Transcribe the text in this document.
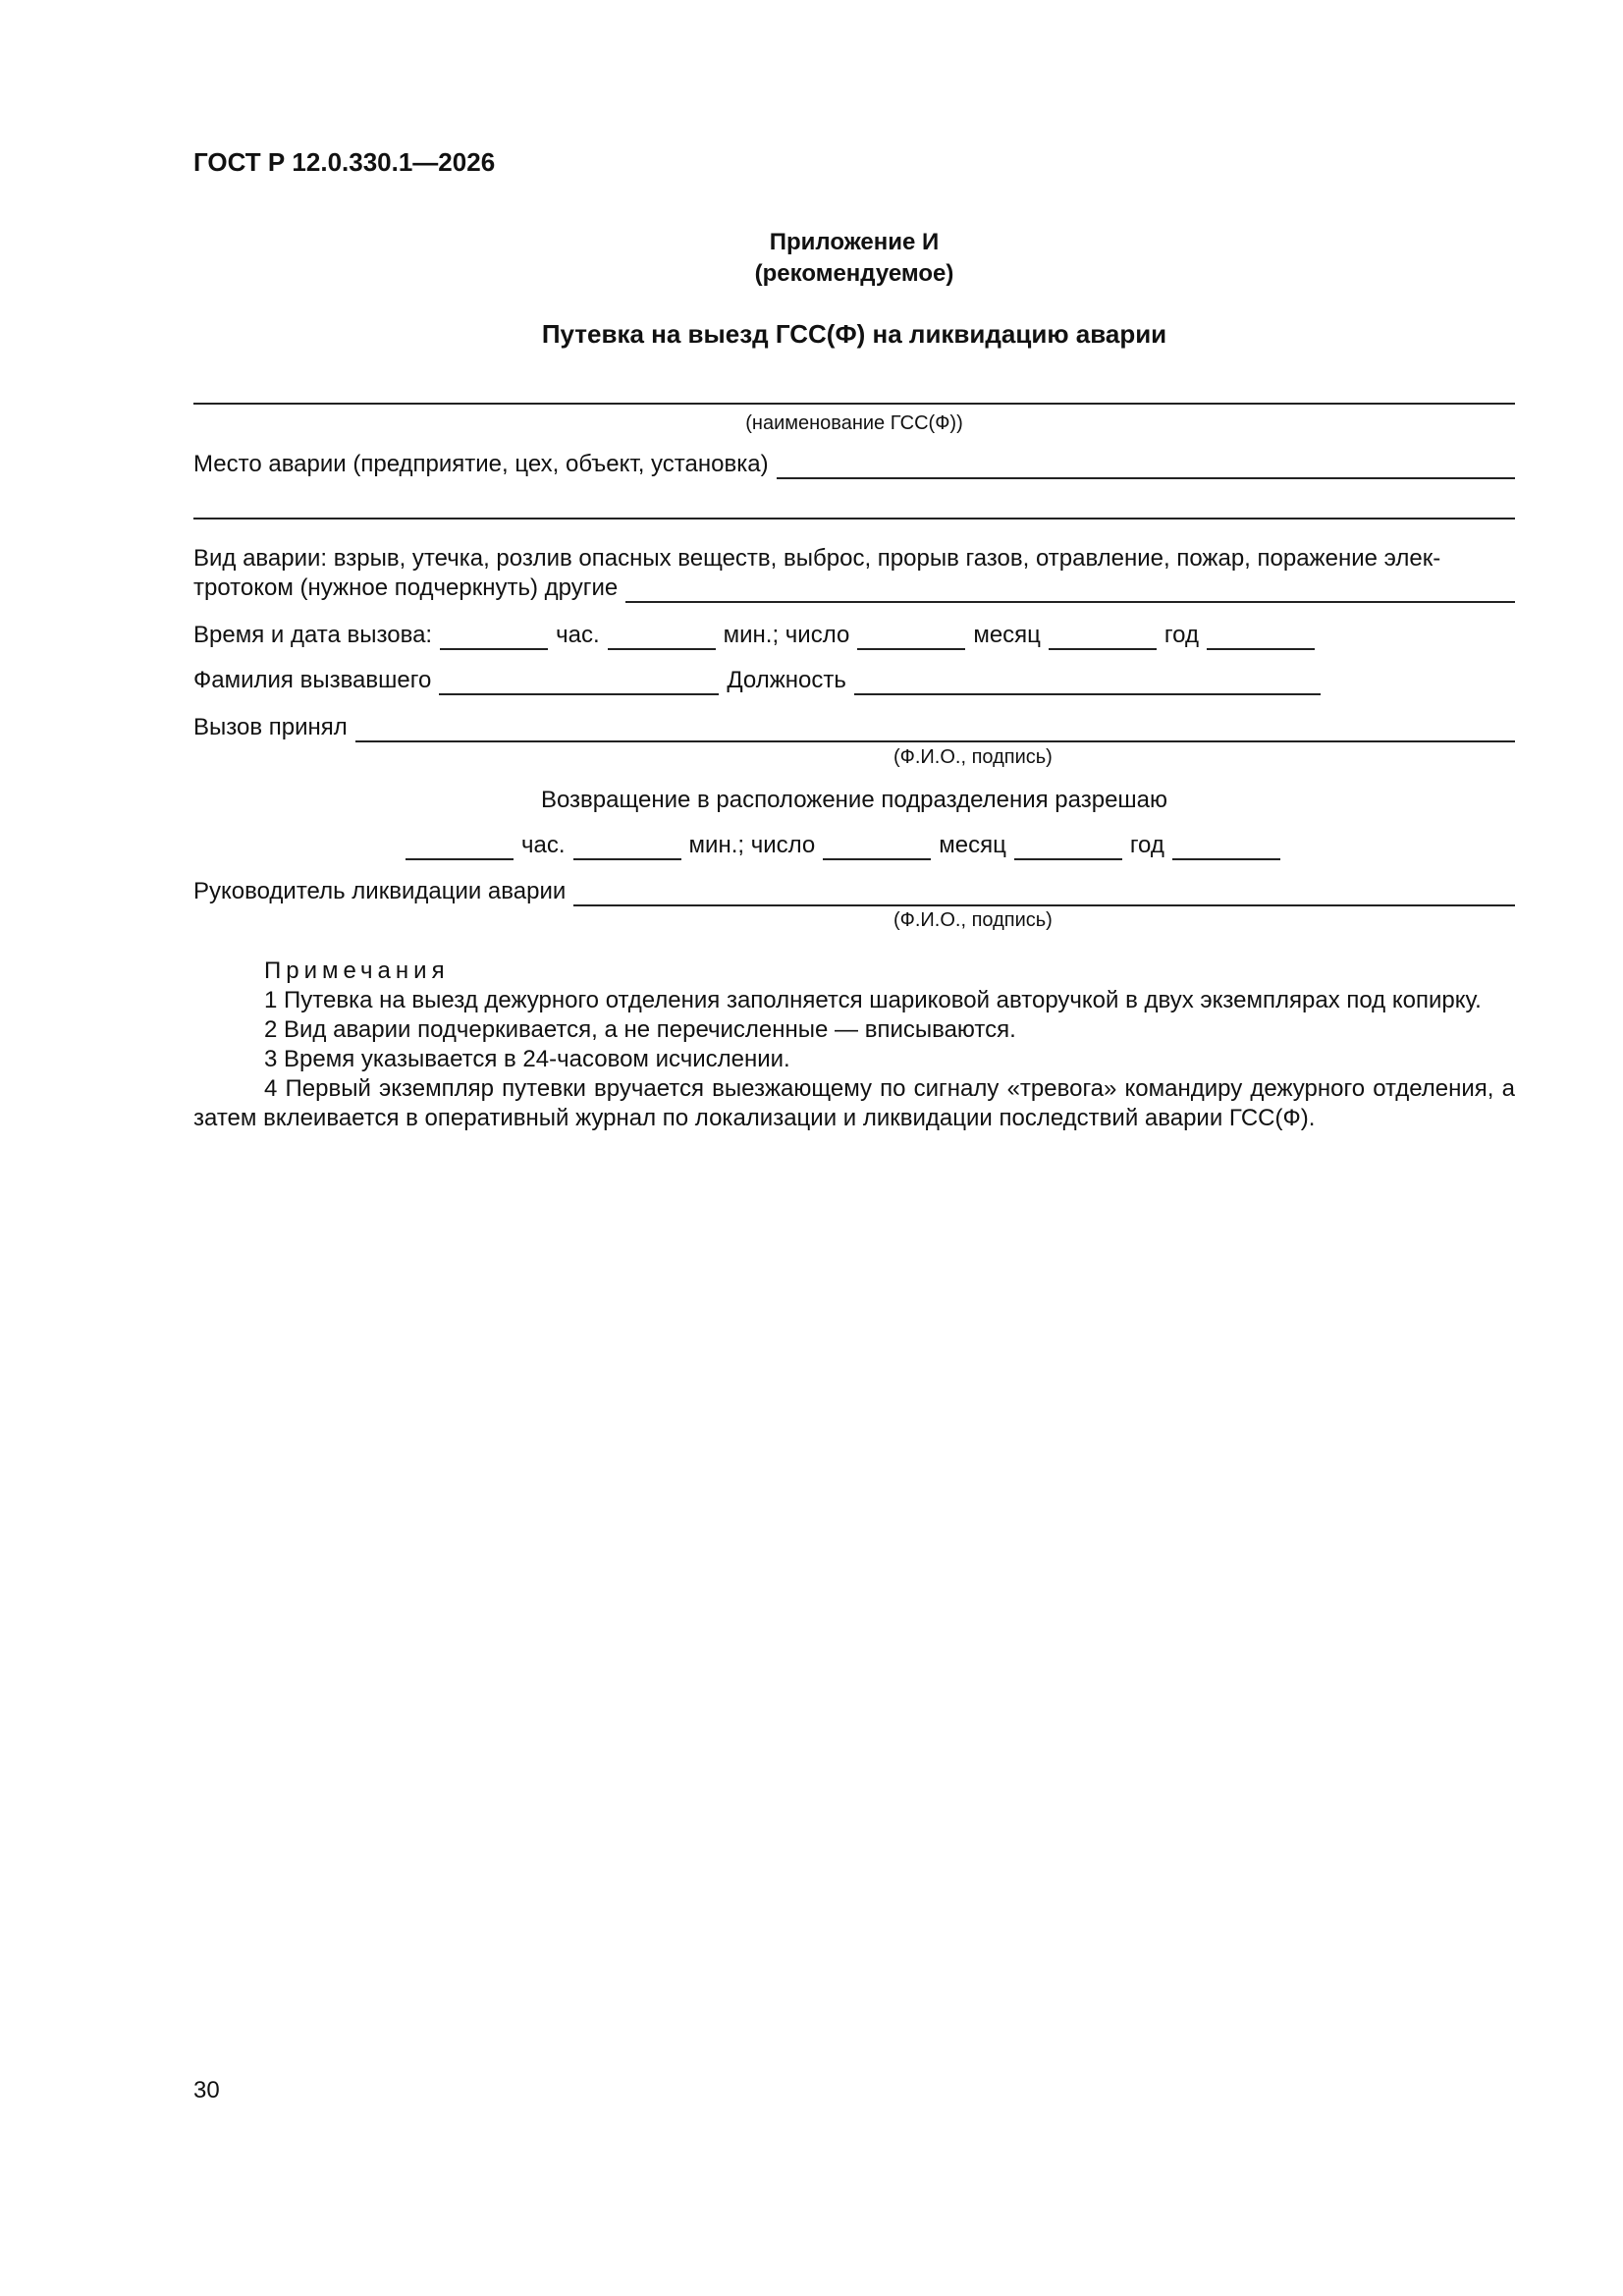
ГОСТ Р 12.0.330.1—2026
Приложение И
(рекомендуемое)
Путевка на выезд ГСС(Ф) на ликвидацию аварии
(наименование ГСС(Ф))
Место аварии (предприятие, цех, объект, установка)
Вид аварии: взрыв, утечка, розлив опасных веществ, выброс, прорыв газов, отравление, пожар, поражение элек-
тротоком (нужное подчеркнуть) другие
Время и дата вызова:	час.	мин.; число	месяц	год
Фамилия вызвавшего	Должность
Вызов принял
(Ф.И.О., подпись)
Возвращение в расположение подразделения разрешаю
час.	мин.; число	месяц	год
Руководитель ликвидации аварии
(Ф.И.О., подпись)

Примечания

1 Путевка на выезд дежурного отделения заполняется шариковой авторучкой в двух экземплярах под копирку.

2 Вид аварии подчеркивается, а не перечисленные — вписываются.

3 Время указывается в 24-часовом исчислении.

4 Первый экземпляр путевки вручается выезжающему по сигналу «тревога» командиру дежурного отделения, а затем вклеивается в оперативный журнал по локализации и ликвидации последствий аварии ГСС(Ф).

30
